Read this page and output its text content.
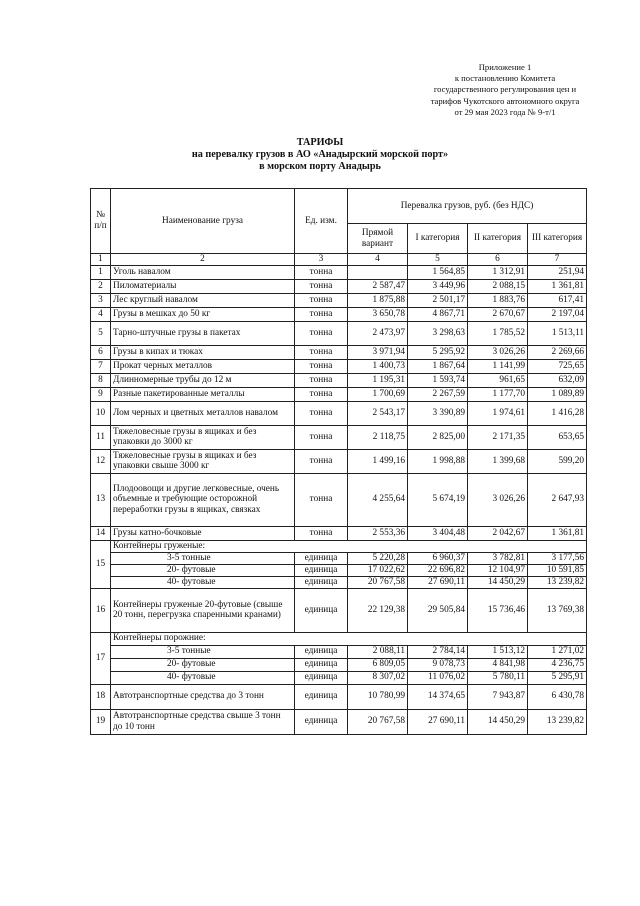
Приложение 1
к постановлению Комитета
государственного регулирования цен и
тарифов Чукотского автономного округа
от 29 мая 2023 года № 9-т/1
ТАРИФЫ
на перевалку грузов в АО «Анадырский морской порт»
в морском порту Анадырь
№ п/п	Наименование груза	Ед. изм.	Перевалка грузов, руб. (без НДС)			
			Прямой вариант	I категория	II категория	III категория
1	2	3	4	5	6	7
1	Уголь навалом	тонна		1 564,85	1 312,91	251,94
2	Пиломатериалы	тонна	2 587,47	3 449,96	2 088,15	1 361,81
3	Лес круглый навалом	тонна	1 875,88	2 501,17	1 883,76	617,41
4	Грузы в мешках до 50 кг	тонна	3 650,78	4 867,71	2 670,67	2 197,04
5	Тарно-штучные грузы в пакетах	тонна	2 473,97	3 298,63	1 785,52	1 513,11
6	Грузы в кипах и тюках	тонна	3 971,94	5 295,92	3 026,26	2 269,66
7	Прокат черных металлов	тонна	1 400,73	1 867,64	1 141,99	725,65
8	Длинномерные трубы до 12 м	тонна	1 195,31	1 593,74	961,65	632,09
9	Разные пакетированные металлы	тонна	1 700,69	2 267,59	1 177,70	1 089,89
10	Лом черных и цветных металлов навалом	тонна	2 543,17	3 390,89	1 974,61	1 416,28
11	Тяжеловесные грузы в ящиках и без упаковки до 3000 кг	тонна	2 118,75	2 825,00	2 171,35	653,65
12	Тяжеловесные грузы в ящиках и без упаковки свыше 3000 кг	тонна	1 499,16	1 998,88	1 399,68	599,20
13	Плодоовощи и другие легковесные, очень объемные и требующие осторожной переработки грузы в ящиках, связках	тонна	4 255,64	5 674,19	3 026,26	2 647,93
14	Грузы катно-бочковые	тонна	2 553,36	3 404,48	2 042,67	1 361,81
15	Контейнеры груженые:					
	3-5 тонные	единица	5 220,28	6 960,37	3 782,81	3 177,56
	20- футовые	единица	17 022,62	22 696,82	12 104,97	10 591,85
	40- футовые	единица	20 767,58	27 690,11	14 450,29	13 239,82
16	Контейнеры груженые 20-футовые (свыше 20 тонн, перегрузка спаренными кранами)	единица	22 129,38	29 505,84	15 736,46	13 769,38
17	Контейнеры порожние:					
	3-5 тонные	единица	2 088,11	2 784,14	1 513,12	1 271,02
	20- футовые	единица	6 809,05	9 078,73	4 841,98	4 236,75
	40- футовые	единица	8 307,02	11 076,02	5 780,11	5 295,91
18	Автотранспортные средства до 3 тонн	единица	10 780,99	14 374,65	7 943,87	6 430,78
19	Автотранспортные средства свыше 3 тонн до 10 тонн	единица	20 767,58	27 690,11	14 450,29	13 239,82
